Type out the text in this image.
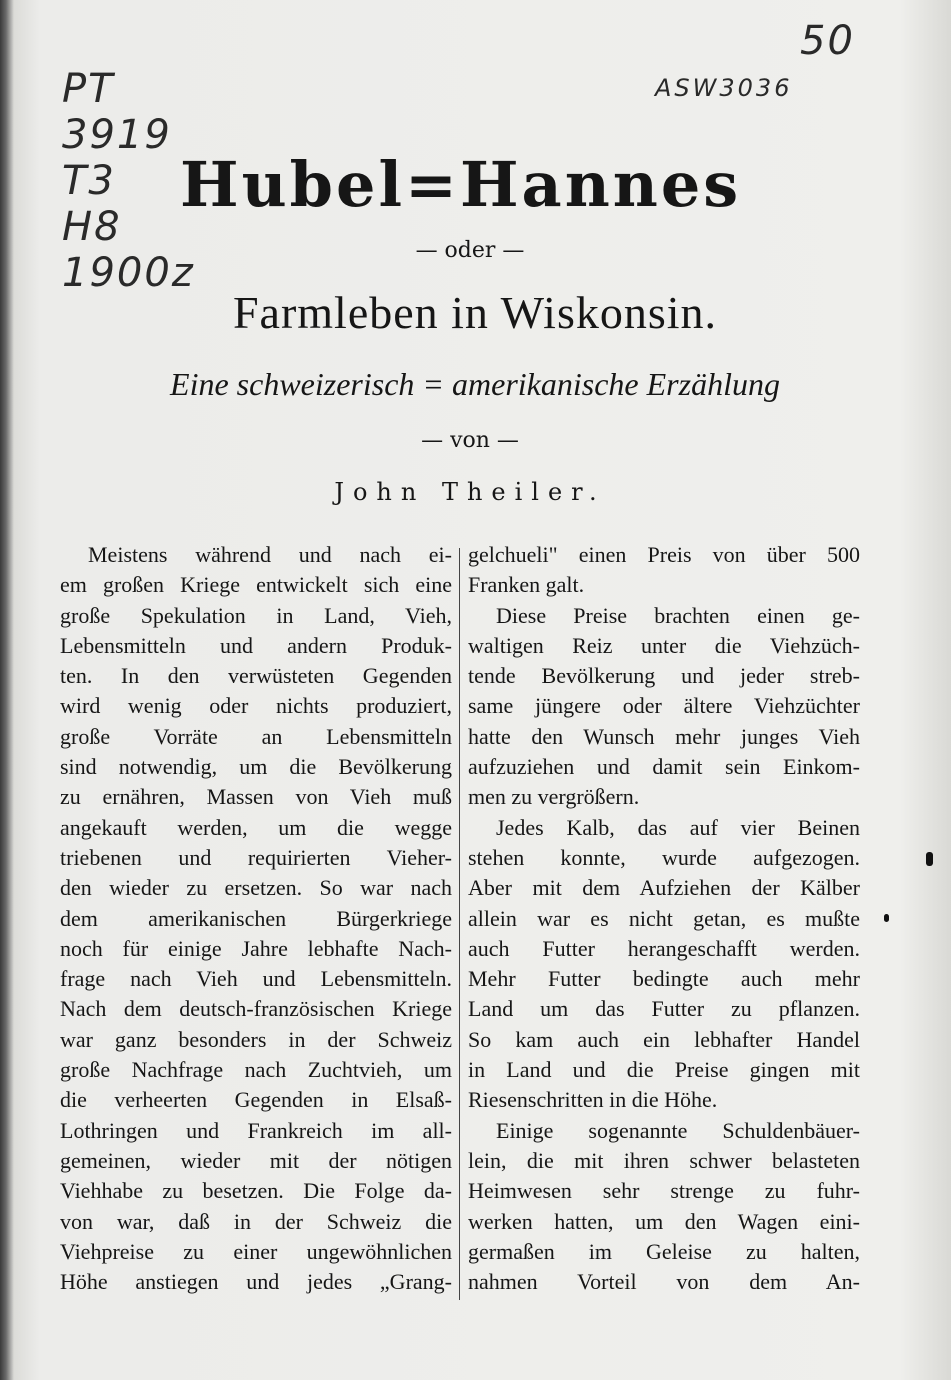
50
ASW3036
PT
3919
T3
H8
1900z
Hubel=Hannes
— oder —
Farmleben in Wiskonsin.
Eine schweizerisch = amerikanische Erzählung
— von —
John Theiler.
Meistens während und nach ei-
em großen Kriege entwickelt sich eine
große Spekulation in Land, Vieh,
Lebensmitteln und andern Produk-
ten. In den verwüsteten Gegenden
wird wenig oder nichts produziert,
große Vorräte an Lebensmitteln
sind notwendig, um die Bevölkerung
zu ernähren, Massen von Vieh muß
angekauft werden, um die wegge
triebenen und requirierten Vieher-
den wieder zu ersetzen. So war nach
dem amerikanischen Bürgerkriege
noch für einige Jahre lebhafte Nach-
frage nach Vieh und Lebensmitteln.
Nach dem deutsch-französischen Kriege
war ganz besonders in der Schweiz
große Nachfrage nach Zuchtvieh, um
die verheerten Gegenden in Elsaß-
Lothringen und Frankreich im all-
gemeinen, wieder mit der nötigen
Viehhabe zu besetzen. Die Folge da-
von war, daß in der Schweiz die
Viehpreise zu einer ungewöhnlichen
Höhe anstiegen und jedes „Grang-
gelchueli" einen Preis von über 500
Franken galt.
Diese Preise brachten einen ge-
waltigen Reiz unter die Viehzüch-
tende Bevölkerung und jeder streb-
same jüngere oder ältere Viehzüchter
hatte den Wunsch mehr junges Vieh
aufzuziehen und damit sein Einkom-
men zu vergrößern.
Jedes Kalb, das auf vier Beinen
stehen konnte, wurde aufgezogen.
Aber mit dem Aufziehen der Kälber
allein war es nicht getan, es mußte
auch Futter herangeschafft werden.
Mehr Futter bedingte auch mehr
Land um das Futter zu pflanzen.
So kam auch ein lebhafter Handel
in Land und die Preise gingen mit
Riesenschritten in die Höhe.
Einige sogenannte Schuldenbäuer-
lein, die mit ihren schwer belasteten
Heimwesen sehr strenge zu fuhr-
werken hatten, um den Wagen eini-
germaßen im Geleise zu halten,
nahmen Vorteil von dem An-
